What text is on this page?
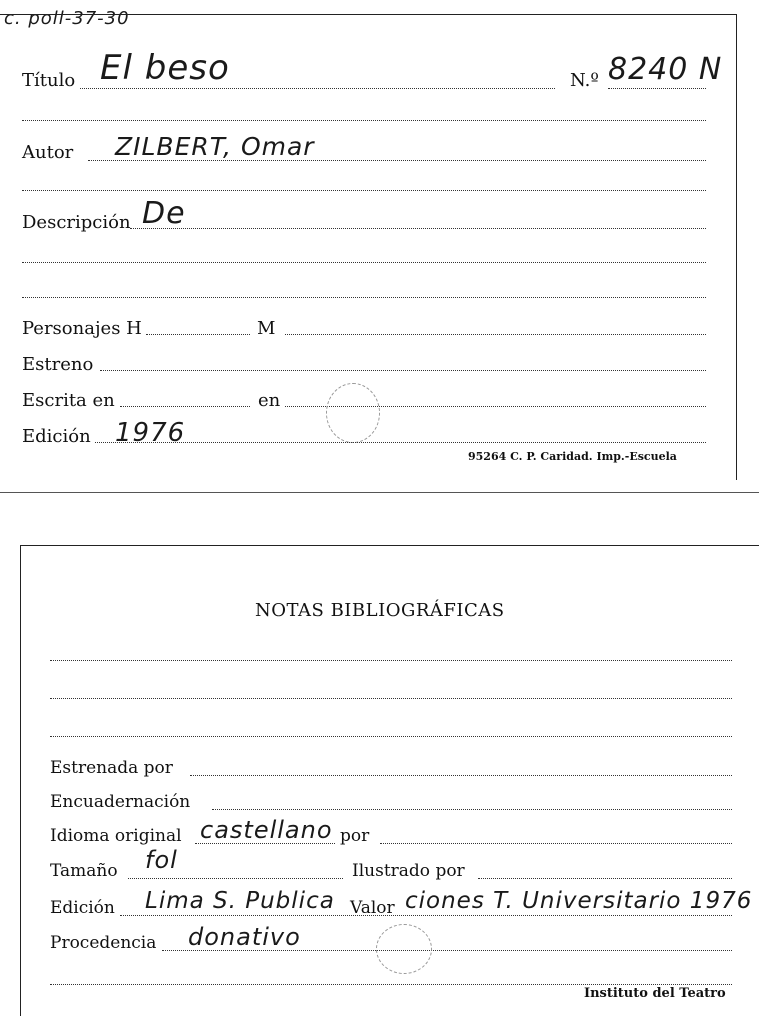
c. poll-37-30
Título El beso	N.º 8240 N
Autor ZILBERT, Omar
Descripción De
Personajes H	M
Estreno
Escrita en	en
Edición 1976
95264 C. P. Caridad. Imp.-Escuela
NOTAS BIBLIOGRÁFICAS
Estrenada por
Encuadernación
Idioma original castellano por
Tamaño fol	Ilustrado por
Edición Lima S. Publica Valor ciones T. Universitario 1976
Procedencia donativo
Instituto del Teatro
